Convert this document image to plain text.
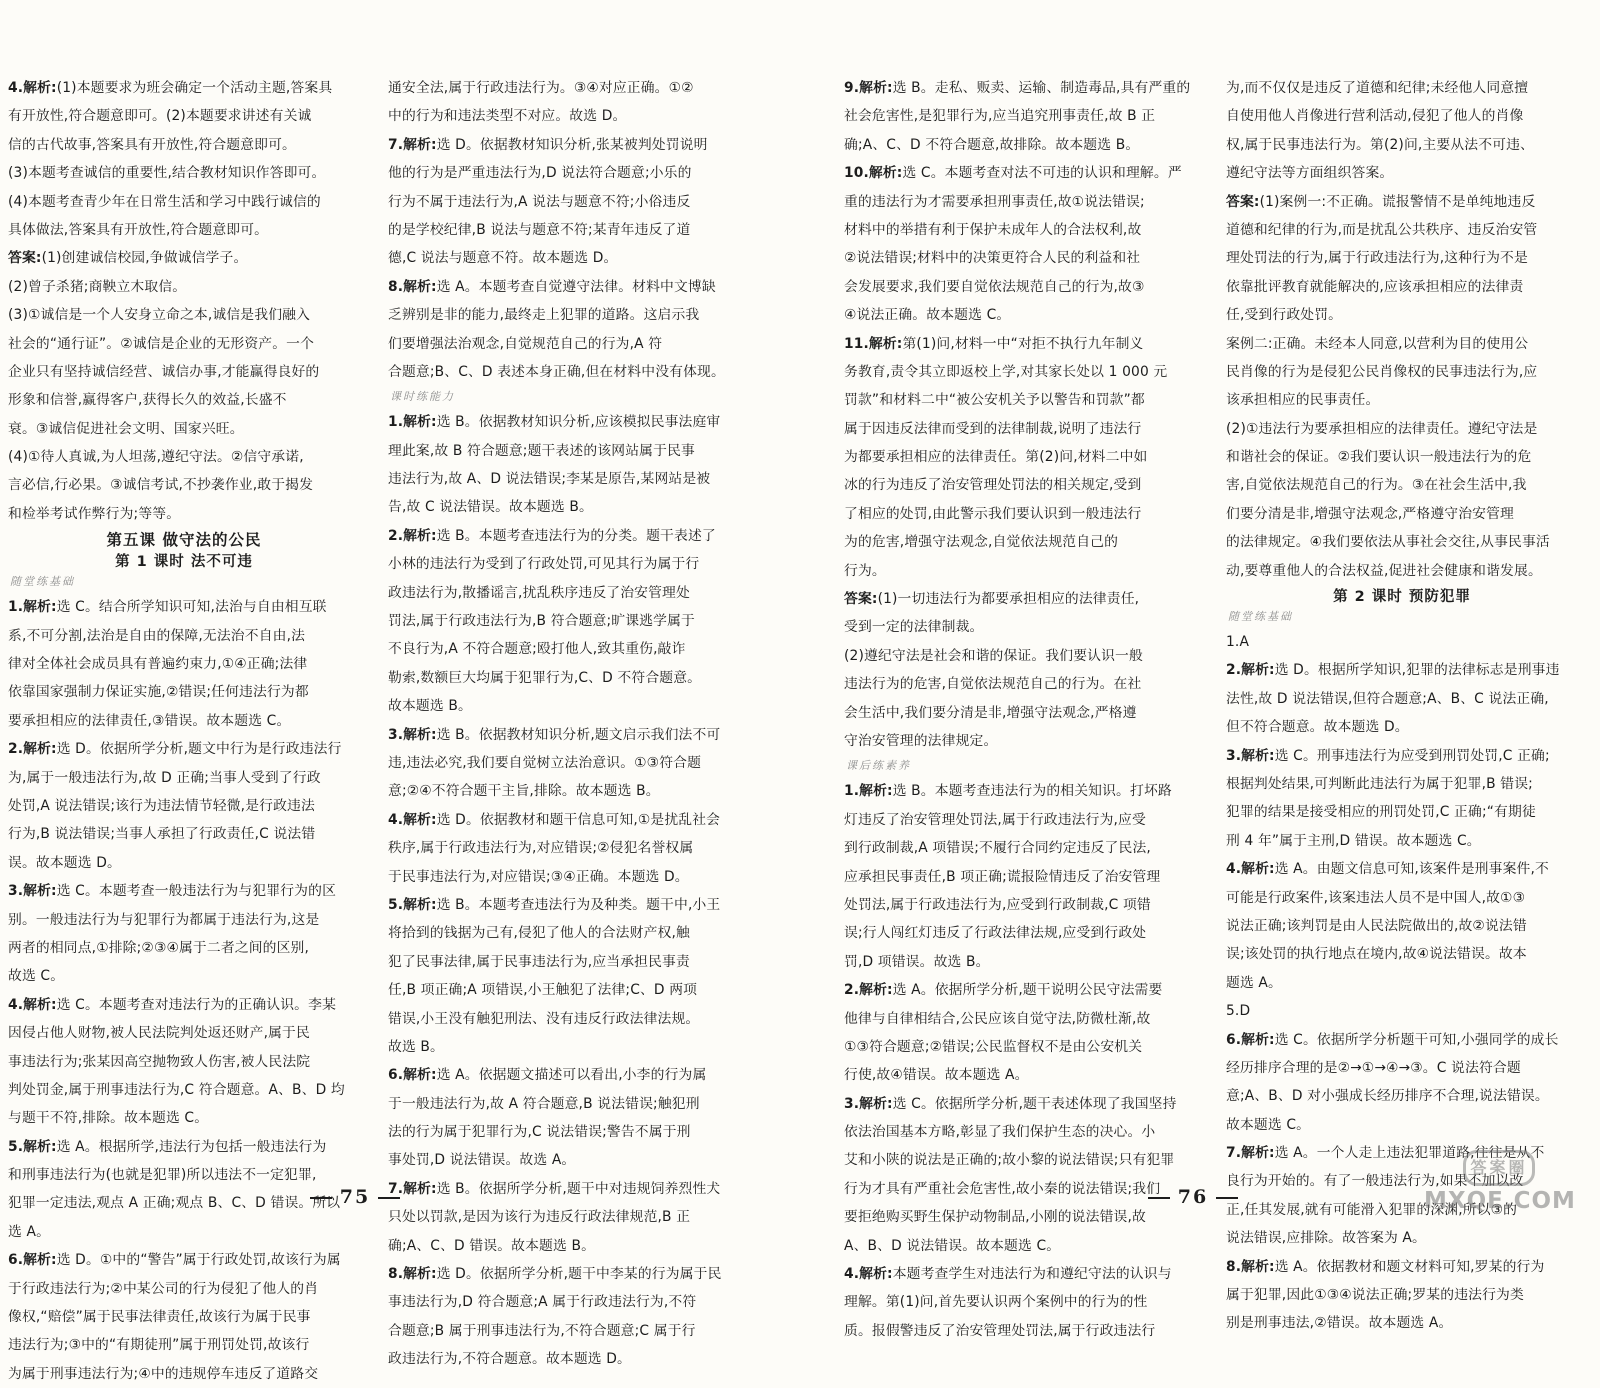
4.解析:(1)本题要求为班会确定一个活动主题,答案具
有开放性,符合题意即可。(2)本题要求讲述有关诚
信的古代故事,答案具有开放性,符合题意即可。
(3)本题考查诚信的重要性,结合教材知识作答即可。
(4)本题考查青少年在日常生活和学习中践行诚信的
具体做法,答案具有开放性,符合题意即可。
答案:(1)创建诚信校园,争做诚信学子。
(2)曾子杀猪;商鞅立木取信。
(3)①诚信是一个人安身立命之本,诚信是我们融入
社会的“通行证”。②诚信是企业的无形资产。一个
企业只有坚持诚信经营、诚信办事,才能赢得良好的
形象和信誉,赢得客户,获得长久的效益,长盛不
衰。③诚信促进社会文明、国家兴旺。
(4)①待人真诚,为人坦荡,遵纪守法。②信守承诺,
言必信,行必果。③诚信考试,不抄袭作业,敢于揭发
和检举考试作弊行为;等等。
第五课 做守法的公民
第 1 课时 法不可违
随堂练基础
1.解析:选 C。结合所学知识可知,法治与自由相互联
系,不可分割,法治是自由的保障,无法治不自由,法
律对全体社会成员具有普遍约束力,①④正确;法律
依靠国家强制力保证实施,②错误;任何违法行为都
要承担相应的法律责任,③错误。故本题选 C。
2.解析:选 D。依据所学分析,题文中行为是行政违法行
为,属于一般违法行为,故 D 正确;当事人受到了行政
处罚,A 说法错误;该行为违法情节轻微,是行政违法
行为,B 说法错误;当事人承担了行政责任,C 说法错
误。故本题选 D。
3.解析:选 C。本题考查一般违法行为与犯罪行为的区
别。一般违法行为与犯罪行为都属于违法行为,这是
两者的相同点,①排除;②③④属于二者之间的区别,
故选 C。
4.解析:选 C。本题考查对违法行为的正确认识。李某
因侵占他人财物,被人民法院判处返还财产,属于民
事违法行为;张某因高空抛物致人伤害,被人民法院
判处罚金,属于刑事违法行为,C 符合题意。A、B、D 均
与题干不符,排除。故本题选 C。
5.解析:选 A。根据所学,违法行为包括一般违法行为
和刑事违法行为(也就是犯罪)所以违法不一定犯罪,
犯罪一定违法,观点 A 正确;观点 B、C、D 错误。所以
选 A。
6.解析:选 D。①中的“警告”属于行政处罚,故该行为属
于行政违法行为;②中某公司的行为侵犯了他人的肖
像权,“赔偿”属于民事法律责任,故该行为属于民事
违法行为;③中的“有期徒刑”属于刑罚处罚,故该行
为属于刑事违法行为;④中的违规停车违反了道路交
通安全法,属于行政违法行为。③④对应正确。①②
中的行为和违法类型不对应。故选 D。
7.解析:选 D。依据教材知识分析,张某被判处罚说明
他的行为是严重违法行为,D 说法符合题意;小乐的
行为不属于违法行为,A 说法与题意不符;小俗违反
的是学校纪律,B 说法与题意不符;某青年违反了道
德,C 说法与题意不符。故本题选 D。
8.解析:选 A。本题考查自觉遵守法律。材料中文博缺
乏辨别是非的能力,最终走上犯罪的道路。这启示我
们要增强法治观念,自觉规范自己的行为,A 符
合题意;B、C、D 表述本身正确,但在材料中没有体现。
课时练能力
1.解析:选 B。依据教材知识分析,应该模拟民事法庭审
理此案,故 B 符合题意;题干表述的该网站属于民事
违法行为,故 A、D 说法错误;李某是原告,某网站是被
告,故 C 说法错误。故本题选 B。
2.解析:选 B。本题考查违法行为的分类。题干表述了
小林的违法行为受到了行政处罚,可见其行为属于行
政违法行为,散播谣言,扰乱秩序违反了治安管理处
罚法,属于行政违法行为,B 符合题意;旷课逃学属于
不良行为,A 不符合题意;殴打他人,致其重伤,敲诈
勒索,数额巨大均属于犯罪行为,C、D 不符合题意。
故本题选 B。
3.解析:选 B。依据教材知识分析,题文启示我们法不可
违,违法必究,我们要自觉树立法治意识。①③符合题
意;②④不符合题干主旨,排除。故本题选 B。
4.解析:选 D。依据教材和题干信息可知,①是扰乱社会
秩序,属于行政违法行为,对应错误;②侵犯名誉权属
于民事违法行为,对应错误;③④正确。本题选 D。
5.解析:选 B。本题考查违法行为及种类。题干中,小王
将拾到的钱据为己有,侵犯了他人的合法财产权,触
犯了民事法律,属于民事违法行为,应当承担民事责
任,B 项正确;A 项错误,小王触犯了法律;C、D 两项
错误,小王没有触犯刑法、没有违反行政法律法规。
故选 B。
6.解析:选 A。依据题文描述可以看出,小李的行为属
于一般违法行为,故 A 符合题意,B 说法错误;触犯刑
法的行为属于犯罪行为,C 说法错误;警告不属于刑
事处罚,D 说法错误。故选 A。
7.解析:选 B。依据所学分析,题干中对违规饲养烈性犬
只处以罚款,是因为该行为违反行政法律规范,B 正
确;A、C、D 错误。故本题选 B。
8.解析:选 D。依据所学分析,题干中李某的行为属于民
事违法行为,D 符合题意;A 属于行政违法行为,不符
合题意;B 属于刑事违法行为,不符合题意;C 属于行
政违法行为,不符合题意。故本题选 D。
75
9.解析:选 B。走私、贩卖、运输、制造毒品,具有严重的
社会危害性,是犯罪行为,应当追究刑事责任,故 B 正
确;A、C、D 不符合题意,故排除。故本题选 B。
10.解析:选 C。本题考查对法不可违的认识和理解。严
重的违法行为才需要承担刑事责任,故①说法错误;
材料中的举措有利于保护未成年人的合法权利,故
②说法错误;材料中的决策更符合人民的利益和社
会发展要求,我们要自觉依法规范自己的行为,故③
④说法正确。故本题选 C。
11.解析:第(1)问,材料一中“对拒不执行九年制义
务教育,责令其立即返校上学,对其家长处以 1 000 元
罚款”和材料二中“被公安机关予以警告和罚款”都
属于因违反法律而受到的法律制裁,说明了违法行
为都要承担相应的法律责任。第(2)问,材料二中如
冰的行为违反了治安管理处罚法的相关规定,受到
了相应的处罚,由此警示我们要认识到一般违法行
为的危害,增强守法观念,自觉依法规范自己的
行为。
答案:(1)一切违法行为都要承担相应的法律责任,
受到一定的法律制裁。
(2)遵纪守法是社会和谐的保证。我们要认识一般
违法行为的危害,自觉依法规范自己的行为。在社
会生活中,我们要分清是非,增强守法观念,严格遵
守治安管理的法律规定。
课后练素养
1.解析:选 B。本题考查违法行为的相关知识。打坏路
灯违反了治安管理处罚法,属于行政违法行为,应受
到行政制裁,A 项错误;不履行合同约定违反了民法,
应承担民事责任,B 项正确;谎报险情违反了治安管理
处罚法,属于行政违法行为,应受到行政制裁,C 项错
误;行人闯红灯违反了行政法律法规,应受到行政处
罚,D 项错误。故选 B。
2.解析:选 A。依据所学分析,题干说明公民守法需要
他律与自律相结合,公民应该自觉守法,防微杜渐,故
①③符合题意;②错误;公民监督权不是由公安机关
行使,故④错误。故本题选 A。
3.解析:选 C。依据所学分析,题干表述体现了我国坚持
依法治国基本方略,彰显了我们保护生态的决心。小
艾和小陕的说法是正确的;故小黎的说法错误;只有犯罪
行为才具有严重社会危害性,故小秦的说法错误;我们
要拒绝购买野生保护动物制品,小刚的说法错误,故
A、B、D 说法错误。故本题选 C。
4.解析:本题考查学生对违法行为和遵纪守法的认识与
理解。第(1)问,首先要认识两个案例中的行为的性
质。报假警违反了治安管理处罚法,属于行政违法行
为,而不仅仅是违反了道德和纪律;未经他人同意擅
自使用他人肖像进行营利活动,侵犯了他人的肖像
权,属于民事违法行为。第(2)问,主要从法不可违、
遵纪守法等方面组织答案。
答案:(1)案例一:不正确。谎报警情不是单纯地违反
道德和纪律的行为,而是扰乱公共秩序、违反治安管
理处罚法的行为,属于行政违法行为,这种行为不是
依靠批评教育就能解决的,应该承担相应的法律责
任,受到行政处罚。
案例二:正确。未经本人同意,以营利为目的使用公
民肖像的行为是侵犯公民肖像权的民事违法行为,应
该承担相应的民事责任。
(2)①违法行为要承担相应的法律责任。遵纪守法是
和谐社会的保证。②我们要认识一般违法行为的危
害,自觉依法规范自己的行为。③在社会生活中,我
们要分清是非,增强守法观念,严格遵守治安管理
的法律规定。④我们要依法从事社会交往,从事民事活
动,要尊重他人的合法权益,促进社会健康和谐发展。
第 2 课时 预防犯罪
随堂练基础
1.A
2.解析:选 D。根据所学知识,犯罪的法律标志是刑事违
法性,故 D 说法错误,但符合题意;A、B、C 说法正确,
但不符合题意。故本题选 D。
3.解析:选 C。刑事违法行为应受到刑罚处罚,C 正确;
根据判处结果,可判断此违法行为属于犯罪,B 错误;
犯罪的结果是接受相应的刑罚处罚,C 正确;“有期徒
刑 4 年”属于主刑,D 错误。故本题选 C。
4.解析:选 A。由题文信息可知,该案件是刑事案件,不
可能是行政案件,该案违法人员不是中国人,故①③
说法正确;该判罚是由人民法院做出的,故②说法错
误;该处罚的执行地点在境内,故④说法错误。故本
题选 A。
5.D
6.解析:选 C。依据所学分析题干可知,小强同学的成长
经历排序合理的是②→①→④→③。C 说法符合题
意;A、B、D 对小强成长经历排序不合理,说法错误。
故本题选 C。
7.解析:选 A。一个人走上违法犯罪道路,往往是从不
良行为开始的。有了一般违法行为,如果不加以改
正,任其发展,就有可能滑入犯罪的深渊,所以③的
说法错误,应排除。故答案为 A。
8.解析:选 A。依据教材和题文材料可知,罗某的行为
属于犯罪,因此①③④说法正确;罗某的违法行为类
别是刑事违法,②错误。故本题选 A。
76
答案圈
MXQE.COM
